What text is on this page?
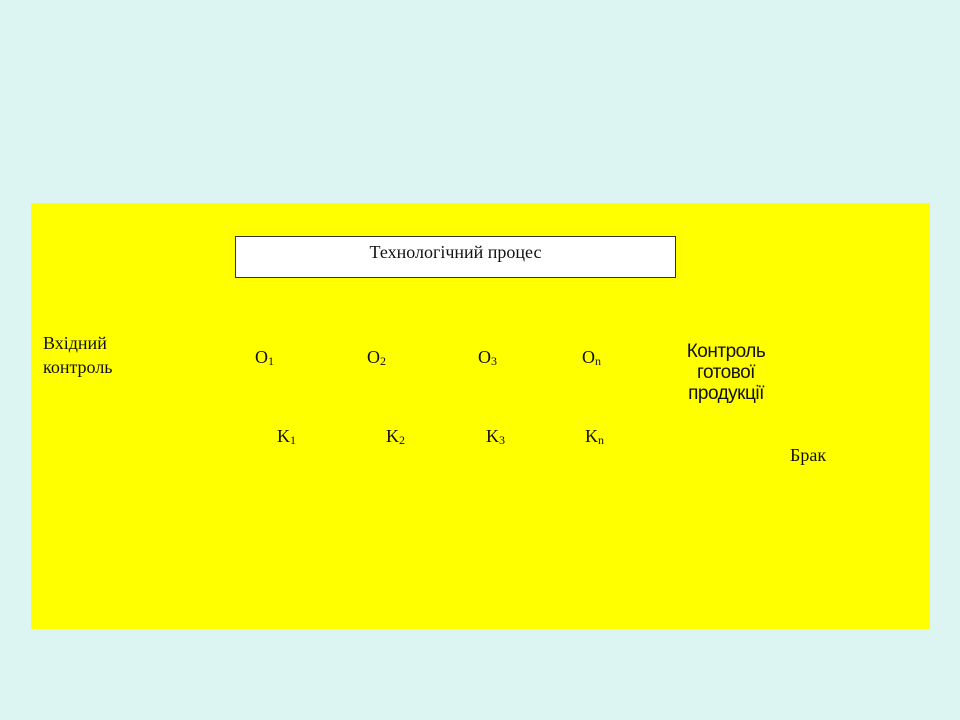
Технологічний процес
Вхідний
контроль	$O_1$	$O_2$	$O_3$	$O_n$
$K_1$	$K_2$	$K_3$	$K_n$
Контроль
готової
продукції
Брак
